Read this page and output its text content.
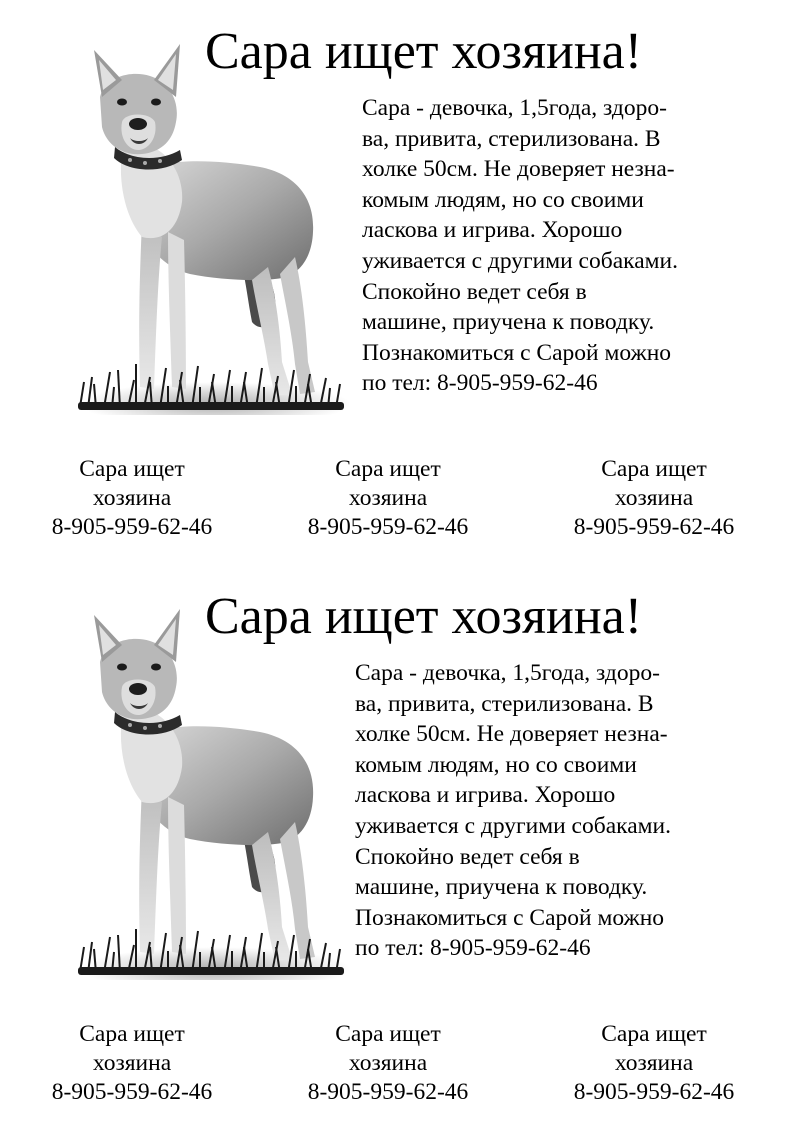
Сара ищет хозяина!
Сара - девочка, 1,5года, здоро-
ва, привита, стерилизована. В
холке 50см. Не доверяет незна-
комым людям, но со своими
ласкова и игрива. Хорошо
уживается с другими собаками.
Спокойно ведет себя в
машине, приучена к поводку.
Познакомиться с Сарой можно
по тел: 8-905-959-62-46
Сара ищет
хозяина
8-905-959-62-46
Сара ищет
хозяина
8-905-959-62-46
Сара ищет
хозяина
8-905-959-62-46
Сара ищет хозяина!
Сара - девочка, 1,5года, здоро-
ва, привита, стерилизована. В
холке 50см. Не доверяет незна-
комым людям, но со своими
ласкова и игрива. Хорошо
уживается с другими собаками.
Спокойно ведет себя в
машине, приучена к поводку.
Познакомиться с Сарой можно
по тел: 8-905-959-62-46
Сара ищет
хозяина
8-905-959-62-46
Сара ищет
хозяина
8-905-959-62-46
Сара ищет
хозяина
8-905-959-62-46
